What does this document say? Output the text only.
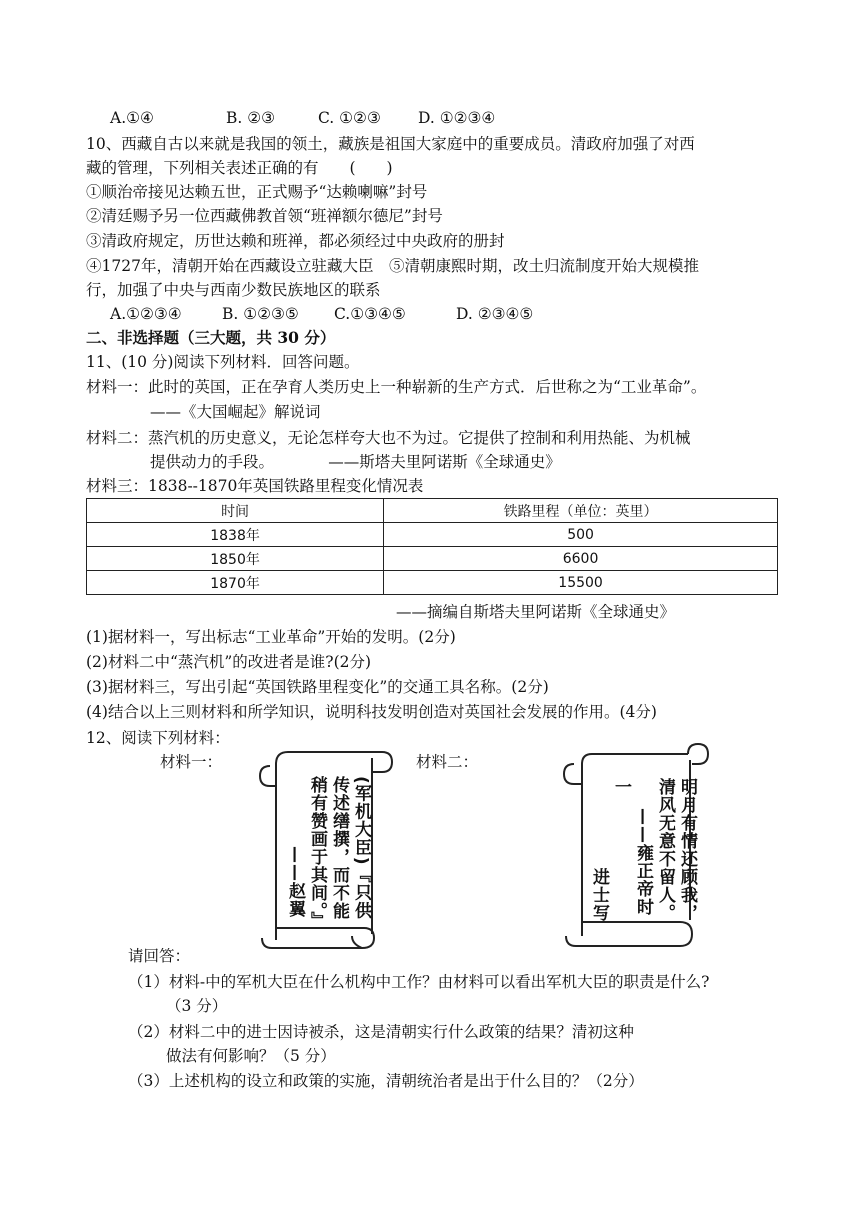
A.①④	B. ②③	C. ①②③ D. ①②③④
10、西藏自古以来就是我国的领土，藏族是祖国大家庭中的重要成员。清政府加强了对西
藏的管理，下列相关表述正确的有　　(　　)
①顺治帝接见达赖五世，正式赐予“达赖喇嘛”封号
②清廷赐予另一位西藏佛教首领“班禅额尔德尼”封号
③清政府规定，历世达赖和班禅，都必须经过中央政府的册封
④1727年，清朝开始在西藏设立驻藏大臣　⑤清朝康熙时期，改土归流制度开始大规模推
行，加强了中央与西南少数民族地区的联系
A.①②③④	B. ①②③⑤ C.①③④⑤	D. ②③④⑤
二、非选择题（三大题，共 30 分）
11、(10 分)阅读下列材料．回答问题。
材料一：此时的英国，正在孕育人类历史上一种崭新的生产方式．后世称之为“工业革命”。
——《大国崛起》解说词
材料二：蒸汽机的历史意义，无论怎样夸大也不为过。它提供了控制和利用热能、为机械
提供动力的手段。　　　　——斯塔夫里阿诺斯《全球通史》
材料三：1838--1870年英国铁路里程变化情况表
时间	铁路里程（单位：英里）
1838年	500
1850年	6600
1870年	15500
——摘编自斯塔夫里阿诺斯《全球通史》
(1)据材料一，写出标志“工业革命”开始的发明。(2分)
(2)材料二中“蒸汽机”的改进者是谁?(2分)
(3)据材料三，写出引起“英国铁路里程变化”的交通工具名称。(2分)
(4)结合以上三则材料和所学知识，说明科技发明创造对英国社会发展的作用。(4分)
12、阅读下列材料：
材料一：	材料二：
(军机大臣)『只供
传述缮撰，而不能
稍有赞画于其间。』
——赵翼	明月有情还顾我，
清风无意不留人。
——雍正帝时一
进士写
请回答：
（1）材料-中的军机大臣在什么机构中工作？由材料可以看出军机大臣的职责是什么?
（3 分）
（2）材料二中的进士因诗被杀，这是清朝实行什么政策的结果？清初这种
做法有何影响？（5 分）
（3）上述机构的设立和政策的实施，清朝统治者是出于什么目的？（2分）
